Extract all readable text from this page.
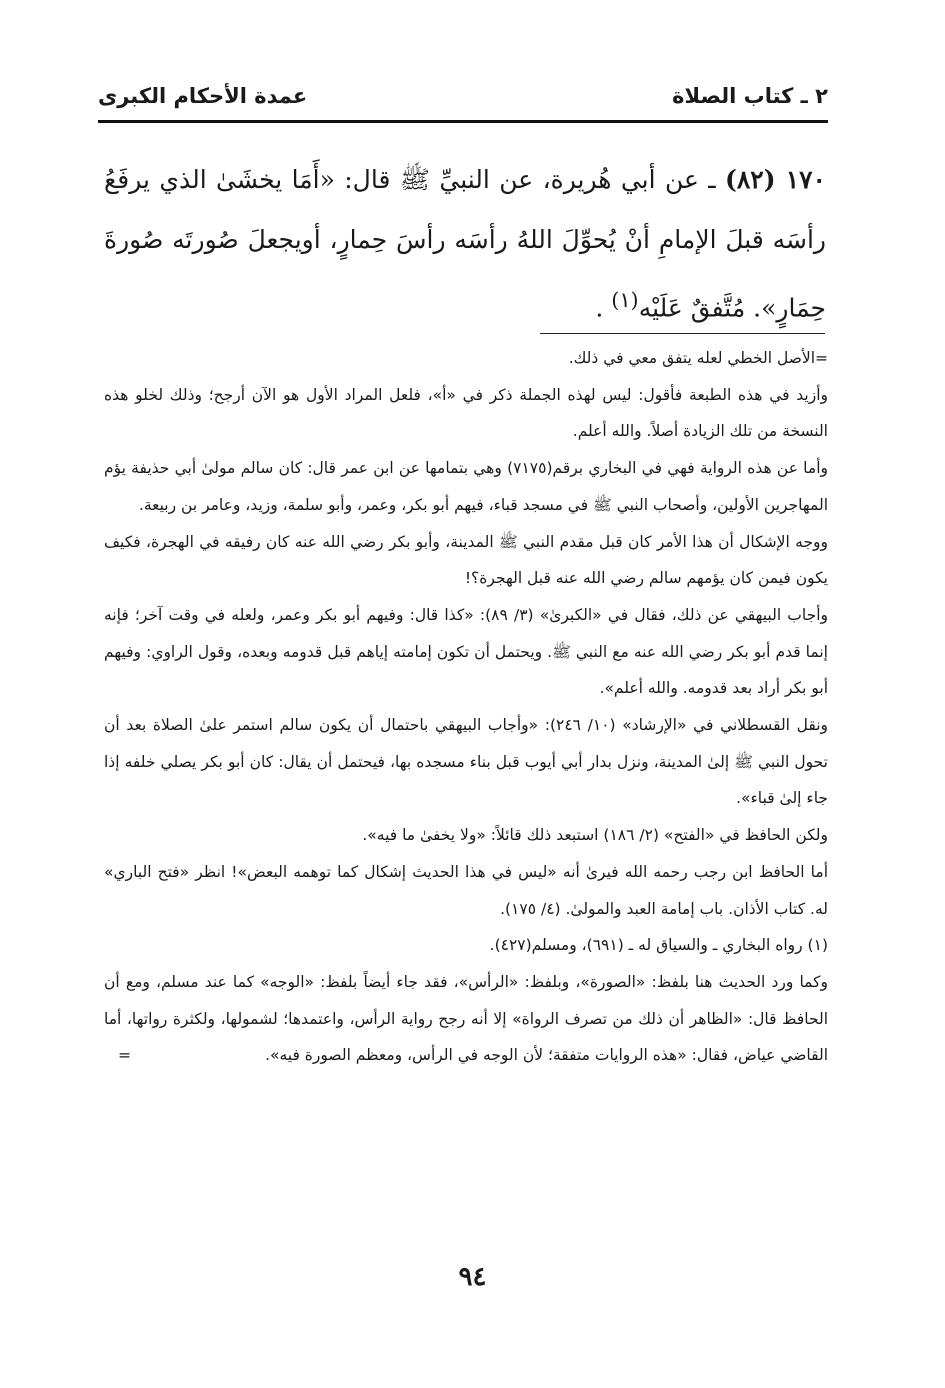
٢ ـ كتاب الصلاة
عمدة الأحكام الكبرى

١٧٠ (٨٢) ـ عن أبي هُريرة، عن النبيِّ ﷺ قال: «أَمَا يخشَىٰ الذي يرفَعُ رأسَه قبلَ الإمامِ أنْ يُحوِّلَ اللهُ رأسَه رأسَ حِمارٍ، أويجعلَ صُورتَه صُورةَ حِمَارٍ». مُتَّفقٌ عَلَيْه$^{(١)}$ .

=الأصل الخطي لعله يتفق معي في ذلك.

وأزيد في هذه الطبعة فأقول: ليس لهذه الجملة ذكر في «أ»، فلعل المراد الأول هو الآن أرجح؛ وذلك لخلو هذه النسخة من تلك الزيادة أصلاً. والله أعلم.

وأما عن هذه الرواية فهي في البخاري برقم(٧١٧٥) وهي بتمامها عن ابن عمر قال: كان سالم مولىٰ أبي حذيفة يؤم المهاجرين الأولين، وأصحاب النبي ﷺ في مسجد قباء، فيهم أبو بكر، وعمر، وأبو سلمة، وزيد، وعامر بن ربيعة.

ووجه الإشكال أن هذا الأمر كان قبل مقدم النبي ﷺ المدينة، وأبو بكر رضي الله عنه كان رفيقه في الهجرة، فكيف يكون فيمن كان يؤمهم سالم رضي الله عنه قبل الهجرة؟!

وأجاب البيهقي عن ذلك، فقال في «الكبرىٰ» (٣/ ٨٩): «كذا قال: وفيهم أبو بكر وعمر، ولعله في وقت آخر؛ فإنه إنما قدم أبو بكر رضي الله عنه مع النبي ﷺ. ويحتمل أن تكون إمامته إياهم قبل قدومه وبعده، وقول الراوي: وفيهم أبو بكر أراد بعد قدومه. والله أعلم».

ونقل القسطلاني في «الإرشاد» (١٠/ ٢٤٦): «وأجاب البيهقي باحتمال أن يكون سالم استمر علىٰ الصلاة بعد أن تحول النبي ﷺ إلىٰ المدينة، ونزل بدار أبي أيوب قبل بناء مسجده بها، فيحتمل أن يقال: كان أبو بكر يصلي خلفه إذا جاء إلىٰ قباء».

ولكن الحافظ في «الفتح» (٢/ ١٨٦) استبعد ذلك قائلاً: «ولا يخفىٰ ما فيه».

أما الحافظ ابن رجب رحمه الله فيرىٰ أنه «ليس في هذا الحديث إشكال كما توهمه البعض»! انظر «فتح الباري» له. كتاب الأذان. باب إمامة العبد والمولىٰ. (٤/ ١٧٥).

(١) رواه البخاري ـ والسياق له ـ (٦٩١)، ومسلم(٤٢٧).

وكما ورد الحديث هنا بلفظ: «الصورة»، وبلفظ: «الرأس»، فقد جاء أيضاً بلفظ: «الوجه» كما عند مسلم، ومع أن الحافظ قال: «الظاهر أن ذلك من تصرف الرواة» إلا أنه رجح رواية الرأس، واعتمدها؛ لشمولها، ولكثرة رواتها، أما القاضي عياض، فقال: «هذه الروايات متفقة؛ لأن الوجه في الرأس، ومعظم الصورة فيه».

=
٩٤
